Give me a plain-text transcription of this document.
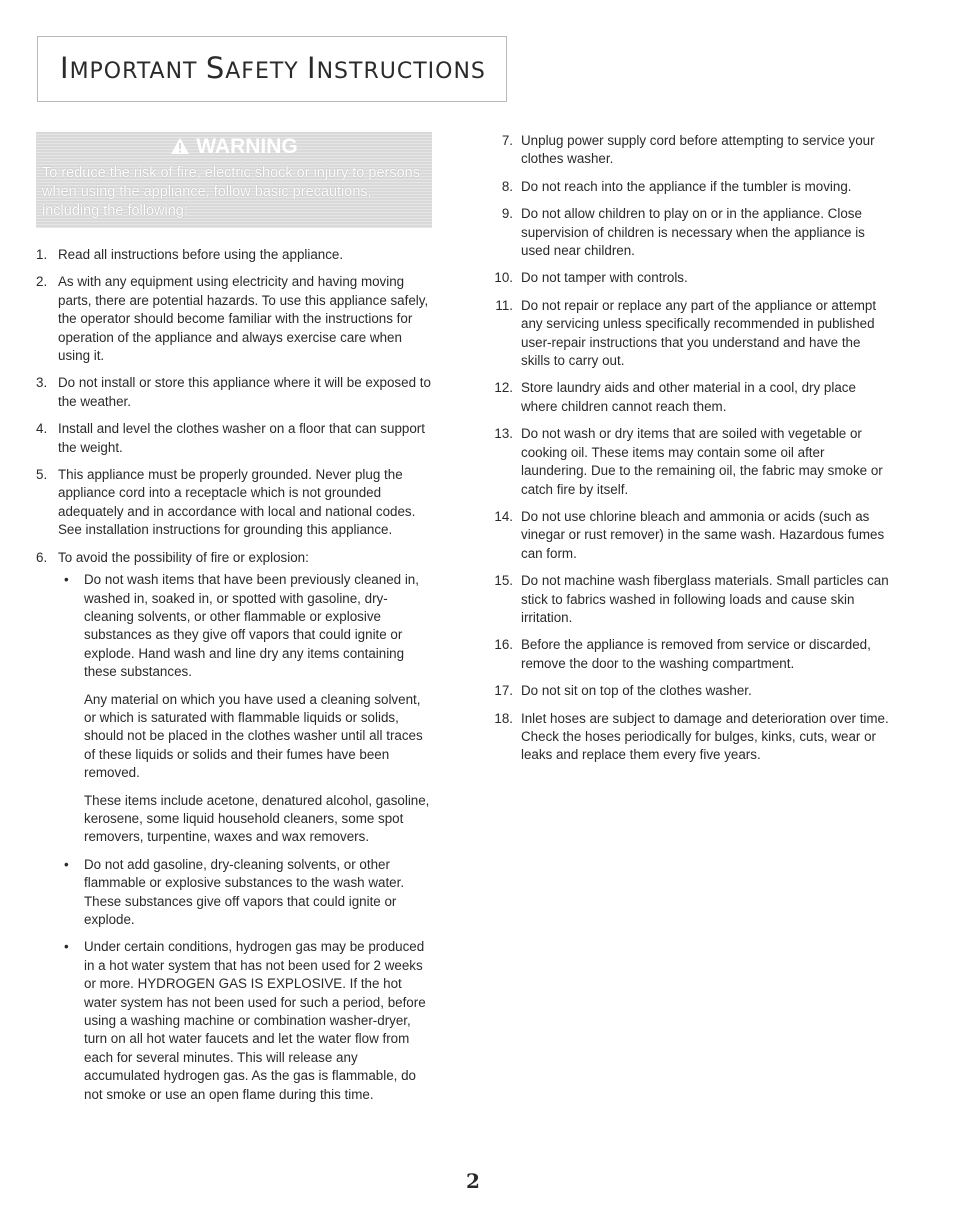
IMPORTANT SAFETY INSTRUCTIONS
WARNING
To reduce the risk of fire, electric shock or injury to persons when using the appliance, follow basic precautions, including the following:
1. Read all instructions before using the appliance.
2. As with any equipment using electricity and having moving parts, there are potential hazards. To use this appliance safely, the operator should become familiar with the instructions for operation of the appliance and always exercise care when using it.
3. Do not install or store this appliance where it will be exposed to the weather.
4. Install and level the clothes washer on a floor that can support the weight.
5. This appliance must be properly grounded. Never plug the appliance cord into a receptacle which is not grounded adequately and in accordance with local and national codes. See installation instructions for grounding this appliance.
6. To avoid the possibility of fire or explosion:
•	Do not wash items that have been previously cleaned in, washed in, soaked in, or spotted with gasoline, dry-cleaning solvents, or other flammable or explosive substances as they give off vapors that could ignite or explode. Hand wash and line dry any items containing these substances.
Any material on which you have used a cleaning solvent, or which is saturated with flammable liquids or solids, should not be placed in the clothes washer until all traces of these liquids or solids and their fumes have been removed.
These items include acetone, denatured alcohol, gasoline, kerosene, some liquid household cleaners, some spot removers, turpentine, waxes and wax removers.
•	Do not add gasoline, dry-cleaning solvents, or other flammable or explosive substances to the wash water. These substances give off vapors that could ignite or explode.
•	Under certain conditions, hydrogen gas may be produced in a hot water system that has not been used for 2 weeks or more. HYDROGEN GAS IS EXPLOSIVE. If the hot water system has not been used for such a period, before using a washing machine or combination washer-dryer, turn on all hot water faucets and let the water flow from each for several minutes. This will release any accumulated hydrogen gas. As the gas is flammable, do not smoke or use an open flame during this time.
7. Unplug power supply cord before attempting to service your clothes washer.
8. Do not reach into the appliance if the tumbler is moving.
9. Do not allow children to play on or in the appliance. Close supervision of children is necessary when the appliance is used near children.
10. Do not tamper with controls.
11. Do not repair or replace any part of the appliance or attempt any servicing unless specifically recommended in published user-repair instructions that you understand and have the skills to carry out.
12. Store laundry aids and other material in a cool, dry place where children cannot reach them.
13. Do not wash or dry items that are soiled with vegetable or cooking oil. These items may contain some oil after laundering. Due to the remaining oil, the fabric may smoke or catch fire by itself.
14. Do not use chlorine bleach and ammonia or acids (such as vinegar or rust remover) in the same wash. Hazardous fumes can form.
15. Do not machine wash fiberglass materials. Small particles can stick to fabrics washed in following loads and cause skin irritation.
16. Before the appliance is removed from service or discarded, remove the door to the washing compartment.
17. Do not sit on top of the clothes washer.
18. Inlet hoses are subject to damage and deterioration over time. Check the hoses periodically for bulges, kinks, cuts, wear or leaks and replace them every five years.
2
